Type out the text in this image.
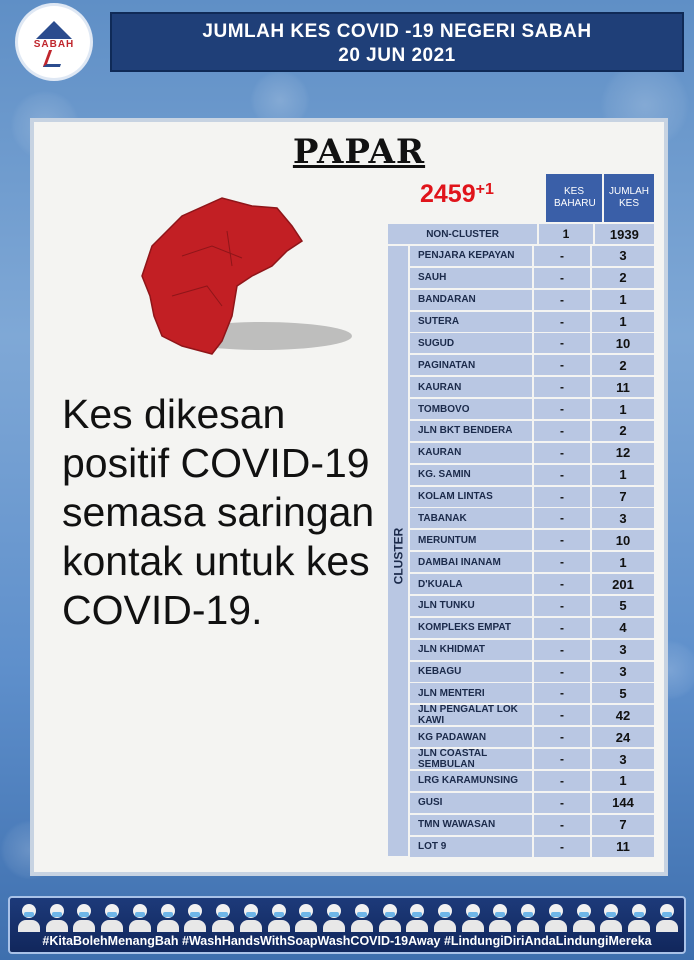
SABAH
JUMLAH KES COVID -19 NEGERI SABAH
20 JUN 2021
PAPAR
$2459^{+1}$
Kes dikesan positif COVID-19 semasa saringan kontak untuk kes COVID-19.
KES BAHARU
JUMLAH KES
CLUSTER
NON-CLUSTER	1	1939
PENJARA KEPAYAN	-	3
SAUH	-	2
BANDARAN	-	1
SUTERA	-	1
SUGUD	-	10
PAGINATAN	-	2
KAURAN	-	11
TOMBOVO	-	1
JLN BKT BENDERA	-	2
KAURAN	-	12
KG. SAMIN	-	1
KOLAM LINTAS	-	7
TABANAK	-	3
MERUNTUM	-	10
DAMBAI INANAM	-	1
D'KUALA	-	201
JLN TUNKU	-	5
KOMPLEKS EMPAT	-	4
JLN KHIDMAT	-	3
KEBAGU	-	3
JLN MENTERI	-	5
JLN PENGALAT LOK KAWI	-	42
KG PADAWAN	-	24
JLN COASTAL SEMBULAN	-	3
LRG KARAMUNSING	-	1
GUSI	-	144
TMN WAWASAN	-	7
LOT 9	-	11
#KitaBolehMenangBah #WashHandsWithSoapWashCOVID-19Away #LindungiDiriAndaLindungiMereka
